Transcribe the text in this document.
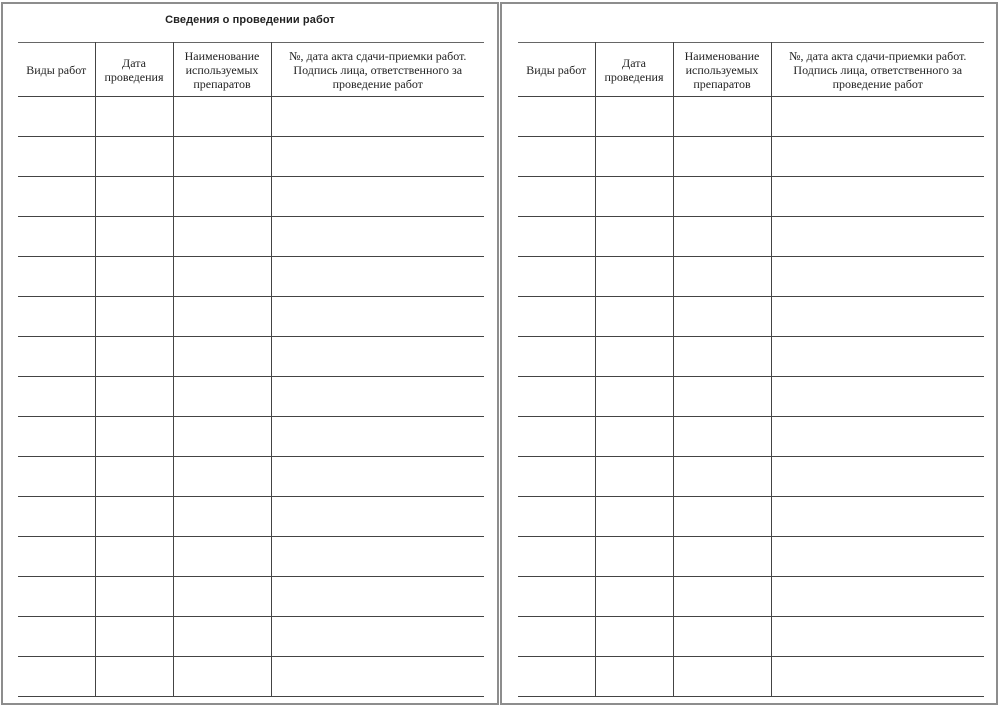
Сведения о проведении работ
Виды работ	Дата проведения	Наименование используемых препаратов	№, дата акта сдачи-приемки работ. Подпись лица, ответственного за проведение работ

Виды работ	Дата проведения	Наименование используемых препаратов	№, дата акта сдачи-приемки работ. Подпись лица, ответственного за проведение работ
